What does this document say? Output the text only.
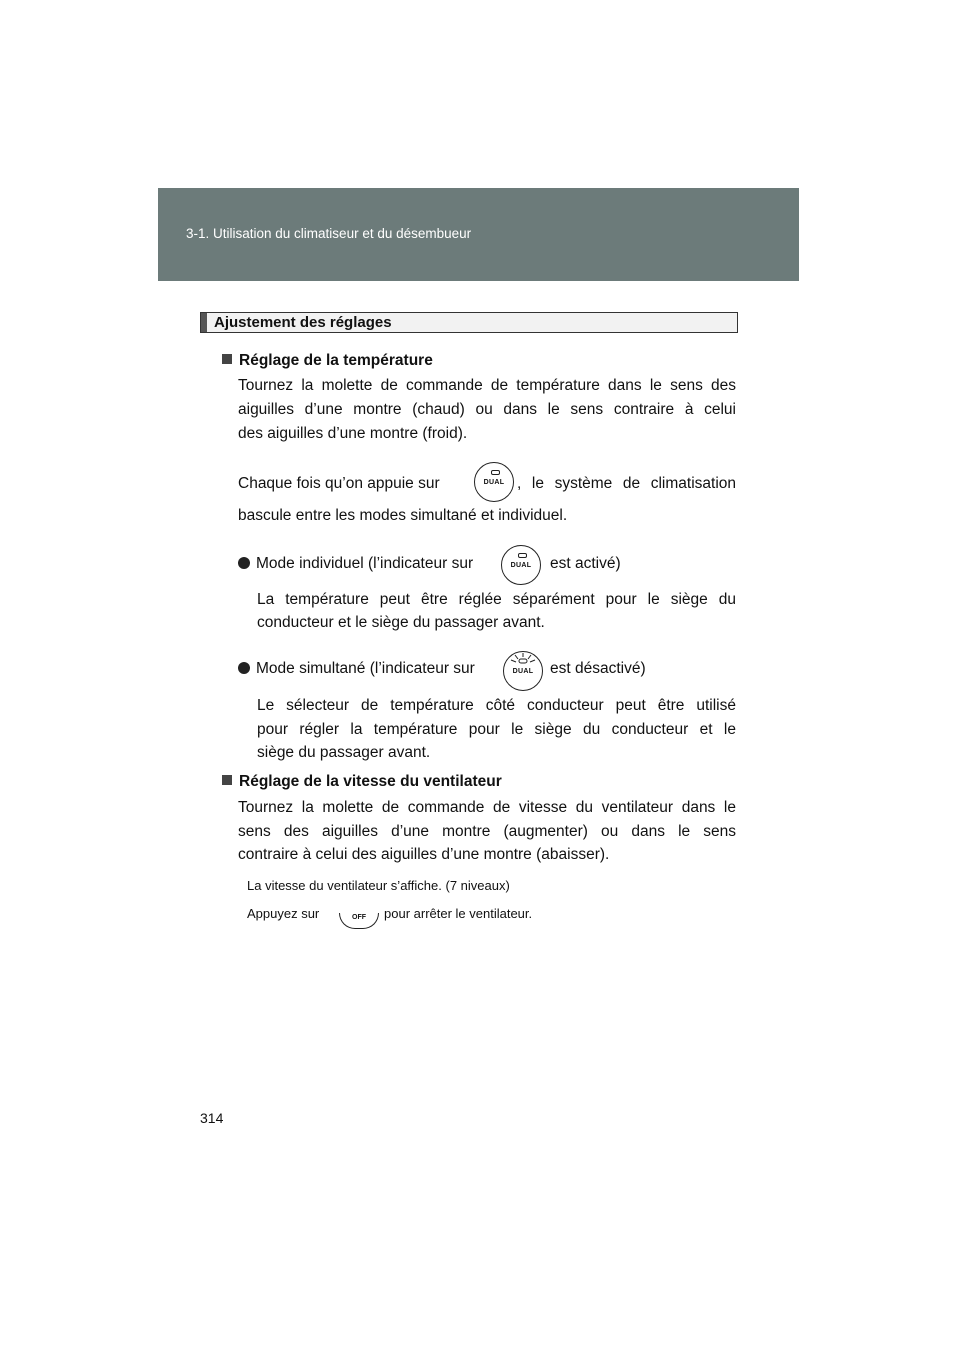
3-1. Utilisation du climatiseur et du désembueur
Ajustement des réglages
Réglage de la température
Tournez la molette de commande de température dans le sens des
aiguilles d’une montre (chaud) ou dans le sens contraire à celui
des aiguilles d’une montre (froid).
Chaque fois qu’on appuie sur	DUAL , le système de climatisation
bascule entre les modes simultané et individuel.
Mode individuel (l’indicateur sur	DUAL	est activé)
La température peut être réglée séparément pour le siège du
conducteur et le siège du passager avant.
Mode simultané (l’indicateur sur	DUAL	est désactivé)
Le sélecteur de température côté conducteur peut être utilisé
pour régler la température pour le siège du conducteur et le
siège du passager avant.
Réglage de la vitesse du ventilateur
Tournez la molette de commande de vitesse du ventilateur dans le
sens des aiguilles d’une montre (augmenter) ou dans le sens
contraire à celui des aiguilles d’une montre (abaisser).
La vitesse du ventilateur s’affiche. (7 niveaux)
Appuyez sur	OFF	pour arrêter le ventilateur.
314
